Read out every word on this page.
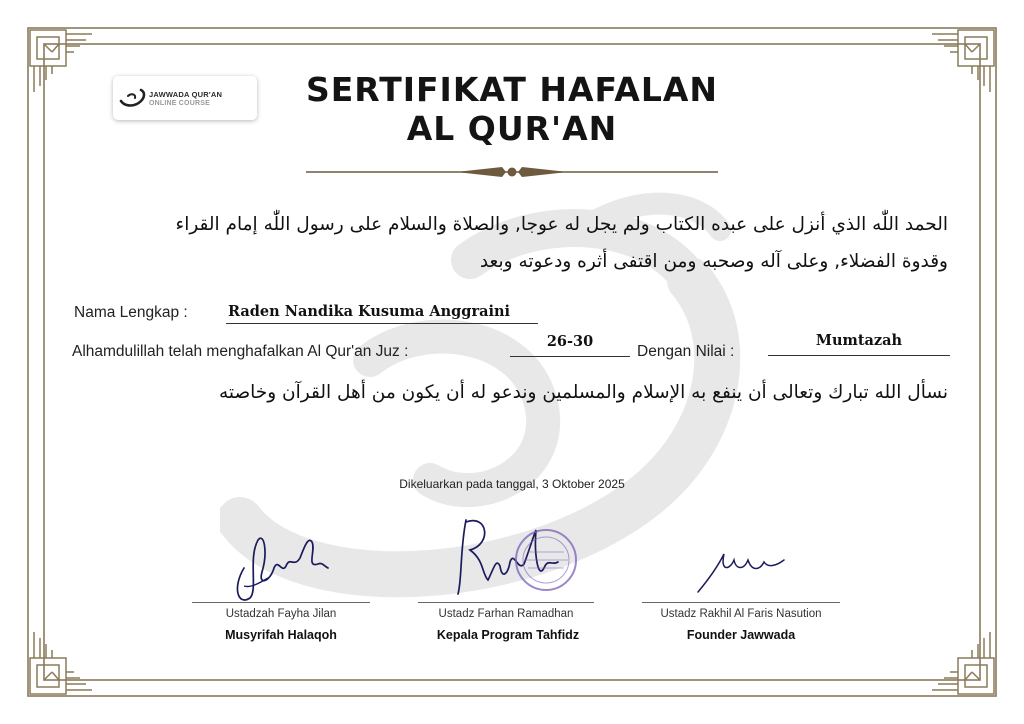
JAWWADA QUR'AN
ONLINE COURSE	SERTIFIKAT HAFALAN
AL QUR'AN
الحمد اللّٰه الذي أنزل على عبده الكتاب ولم يجل له عوجا, والصلاة والسلام على رسول اللّٰه إمام القراء
وقدوة الفضلاء, وعلى آله وصحبه ومن اقتفى أثره ودعوته وبعد
Nama Lengkap :	Raden Nandika Kusuma Anggraini
Alhamdulillah telah menghafalkan Al Qur'an Juz :
26-30
Dengan Nilai :
Mumtazah
نسأل الله تبارك وتعالى أن ينفع به الإسلام والمسلمين وندعو له أن يكون من أهل القرآن وخاصته
Dikeluarkan pada tanggal, 3 Oktober 2025
Ustadzah Fayha Jilan
Musyrifah Halaqoh
Ustadz Farhan Ramadhan
Kepala Program Tahfidz
Ustadz Rakhil Al Faris Nasution
Founder Jawwada
